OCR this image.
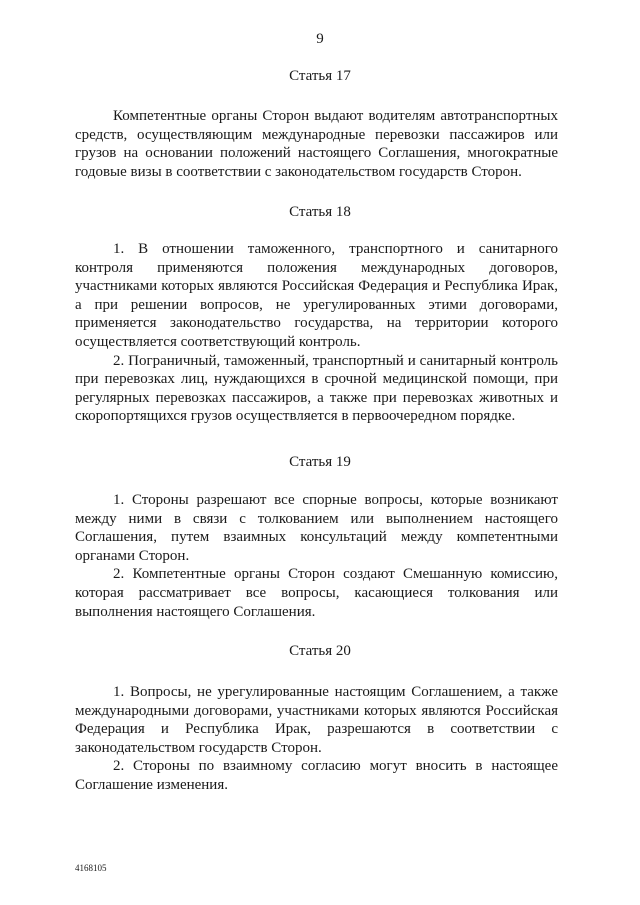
9
Статья 17

Компетентные органы Сторон выдают водителям автотранспортных средств, осуществляющим международные перевозки пассажиров или грузов на основании положений настоящего Соглашения, многократные годовые визы в соответствии с законодательством государств Сторон.

Статья 18

1. В отношении таможенного, транспортного и санитарного контроля применяются положения международных договоров, участниками которых являются Российская Федерация и Республика Ирак, а при решении вопросов, не урегулированных этими договорами, применяется законодательство государства, на территории которого осуществляется соответствующий контроль.

2. Пограничный, таможенный, транспортный и санитарный контроль при перевозках лиц, нуждающихся в срочной медицинской помощи, при регулярных перевозках пассажиров, а также при перевозках животных и скоропортящихся грузов осуществляется в первоочередном порядке.

Статья 19

1. Стороны разрешают все спорные вопросы, которые возникают между ними в связи с толкованием или выполнением настоящего Соглашения, путем взаимных консультаций между компетентными органами Сторон.

2. Компетентные органы Сторон создают Смешанную комиссию, которая рассматривает все вопросы, касающиеся толкования или выполнения настоящего Соглашения.

Статья 20

1. Вопросы, не урегулированные настоящим Соглашением, а также международными договорами, участниками которых являются Российская Федерация и Республика Ирак, разрешаются в соответствии с законодательством государств Сторон.

2. Стороны по взаимному согласию могут вносить в настоящее Соглашение изменения.

4168105
